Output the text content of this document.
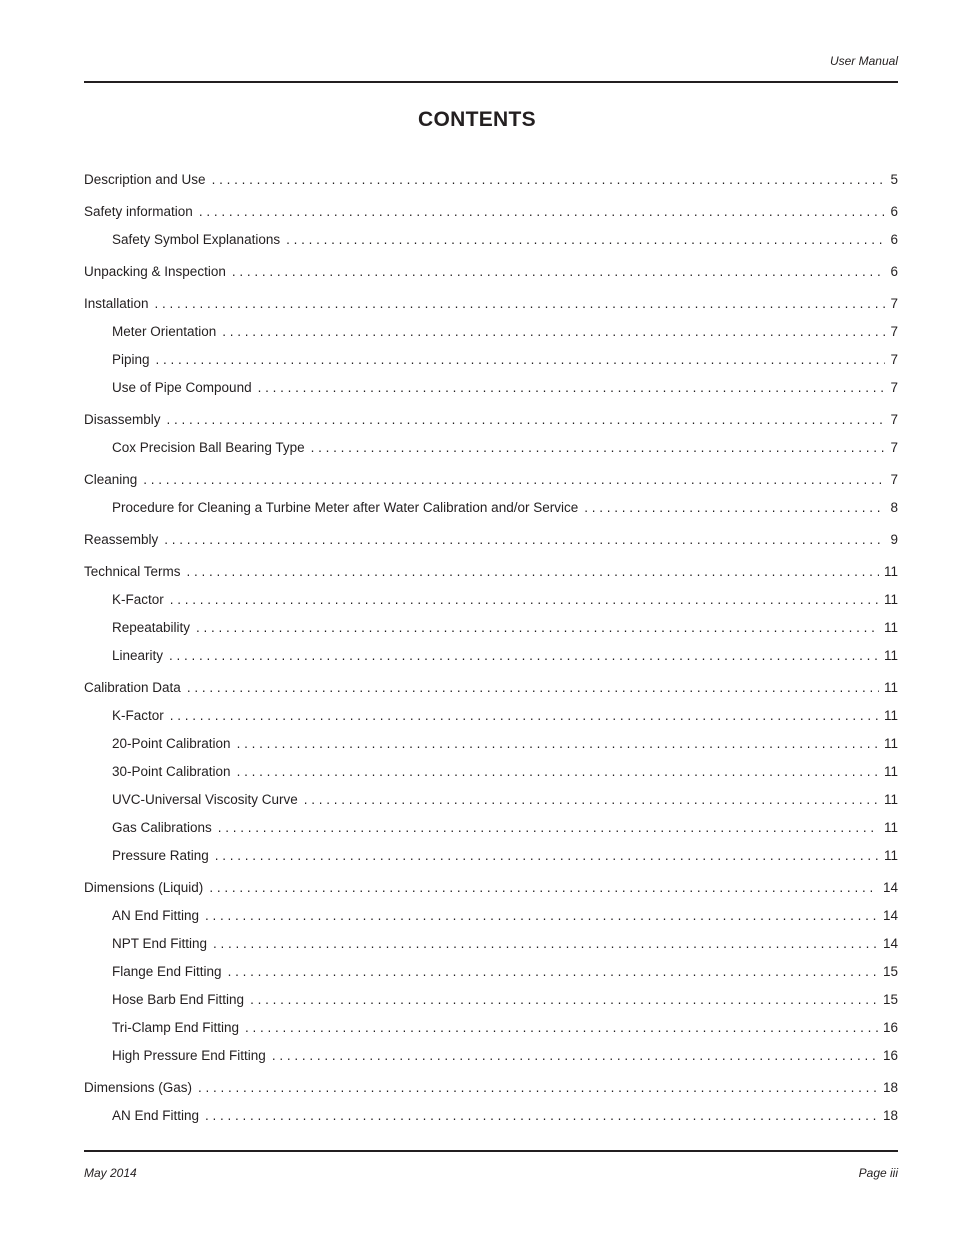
User Manual
CONTENTS
Description and Use . . .	5
Safety information . . .	6
Safety Symbol Explanations . . .	6
Unpacking & Inspection . . .	6
Installation . . .	7
Meter Orientation . . .	7
Piping . . .	7
Use of Pipe Compound . . .	7
Disassembly . . .	7
Cox Precision Ball Bearing Type . . .	7
Cleaning . . .	7
Procedure for Cleaning a Turbine Meter after Water Calibration and/or Service . . .	8
Reassembly . . .	9
Technical Terms . . .	11
K-Factor . . .	11
Repeatability . . .	11
Linearity . . .	11
Calibration Data . . .	11
K-Factor . . .	11
20-Point Calibration . . .	11
30-Point Calibration . . .	11
UVC-Universal Viscosity Curve . . .	11
Gas Calibrations . . .	11
Pressure Rating . . .	11
Dimensions (Liquid) . . .	14
AN End Fitting . . .	14
NPT End Fitting . . .	14
Flange End Fitting . . .	15
Hose Barb End Fitting . . .	15
Tri-Clamp End Fitting . . .	16
High Pressure End Fitting . . .	16
Dimensions (Gas) . . .	18
AN End Fitting . . .	18
May 2014	Page iii
